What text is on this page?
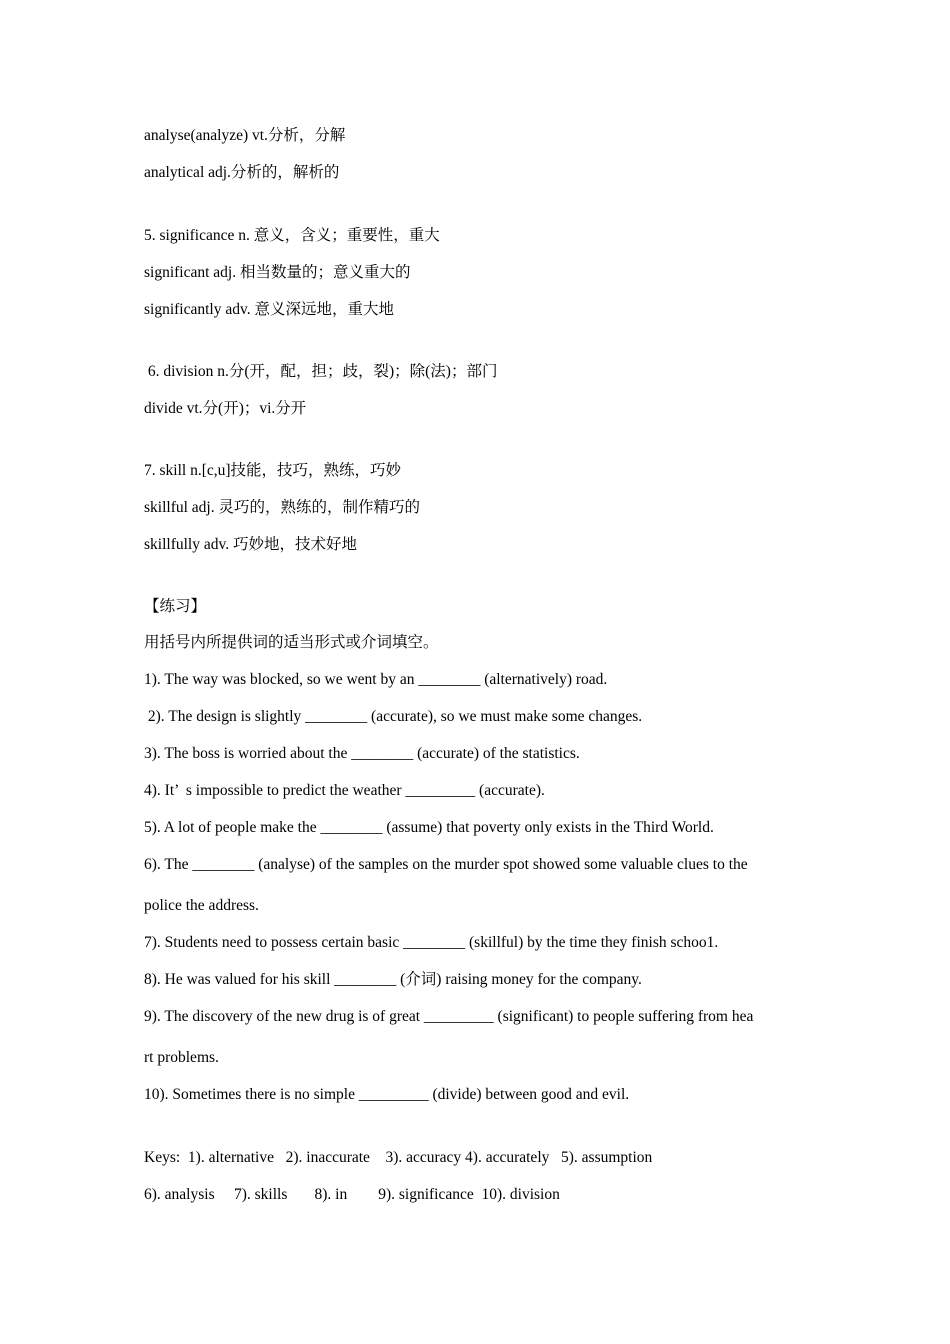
analyse(analyze) vt.分析，分解

analytical adj.分析的，解析的

5. significance n. 意义，含义；重要性，重大

significant adj. 相当数量的；意义重大的

significantly adv. 意义深远地，重大地

6. division n.分(开，配，担；歧，裂)；除(法)；部门

divide vt.分(开)；vi.分开

7. skill n.[c,u]技能，技巧，熟练，巧妙

skillful adj. 灵巧的，熟练的，制作精巧的

skillfully adv. 巧妙地，技术好地

【练习】

用括号内所提供词的适当形式或介词填空。

1). The way was blocked, so we went by an ________ (alternatively) road.

2). The design is slightly ________ (accurate), so we must make some changes.

3). The boss is worried about the ________ (accurate) of the statistics.

4). It’  s impossible to predict the weather _________ (accurate).

5). A lot of people make the ________ (assume) that poverty only exists in the Third World.

6). The ________ (analyse) of the samples on the murder spot showed some valuable clues to the

police the address.

7). Students need to possess certain basic ________ (skillful) by the time they finish schoo1.

8). He was valued for his skill ________ (介词) raising money for the company.

9). The discovery of the new drug is of great _________ (significant) to people suffering from hea

rt problems.

10). Sometimes there is no simple _________ (divide) between good and evil.

Keys:  1). alternative   2). inaccurate    3). accuracy 4). accurately   5). assumption

6). analysis     7). skills       8). in        9). significance  10). division
